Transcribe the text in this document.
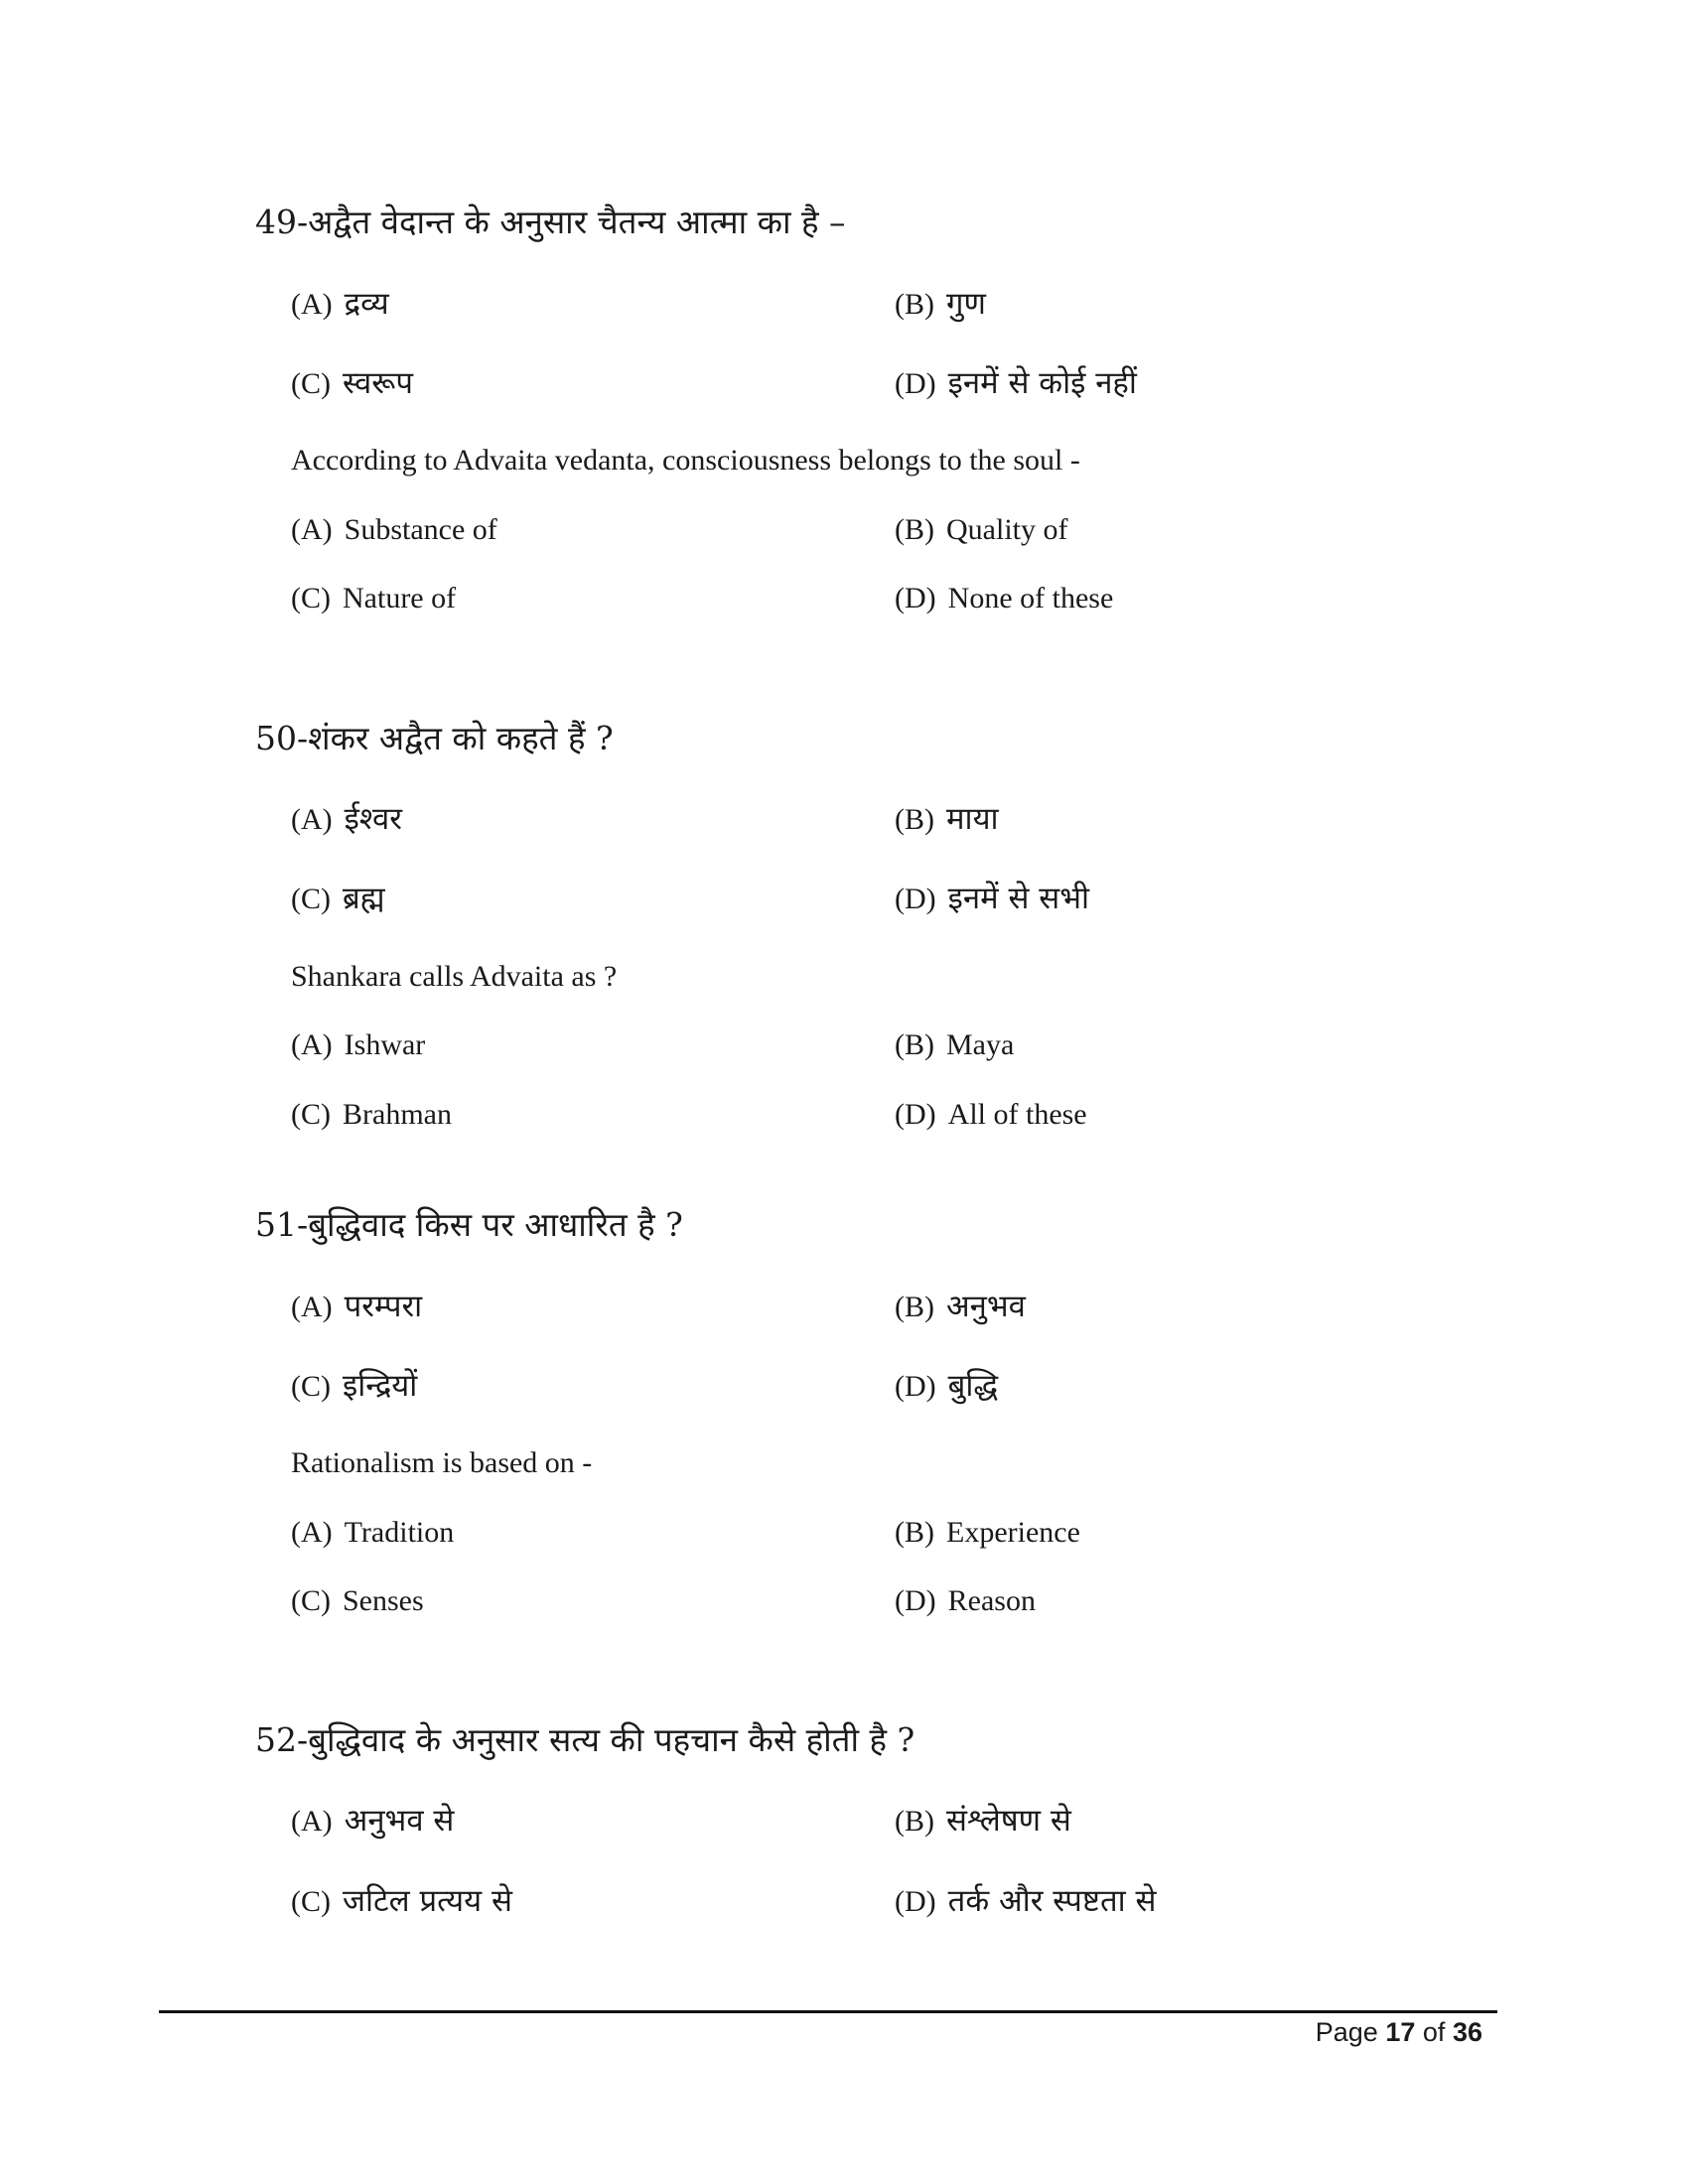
49-अद्वैत वेदान्त के अनुसार चैतन्य आत्मा का है –
(A) द्रव्य	(B) गुण
(C) स्वरूप	(D) इनमें से कोई नहीं
According to Advaita vedanta, consciousness belongs to the soul -
(A) Substance of	(B) Quality of
(C) Nature of	(D) None of these
50-शंकर अद्वैत को कहते हैं ?
(A) ईश्वर	(B) माया
(C) ब्रह्म	(D) इनमें से सभी
Shankara calls Advaita as ?
(A) Ishwar	(B) Maya
(C) Brahman	(D) All of these
51-बुद्धिवाद किस पर आधारित है ?
(A) परम्परा	(B) अनुभव
(C) इन्द्रियों	(D) बुद्धि
Rationalism is based on -
(A) Tradition	(B) Experience
(C) Senses	(D) Reason
52-बुद्धिवाद के अनुसार सत्य की पहचान कैसे होती है ?
(A) अनुभव से	(B) संश्लेषण से
(C) जटिल प्रत्यय से	(D) तर्क और स्पष्टता से
Page 17 of 36
